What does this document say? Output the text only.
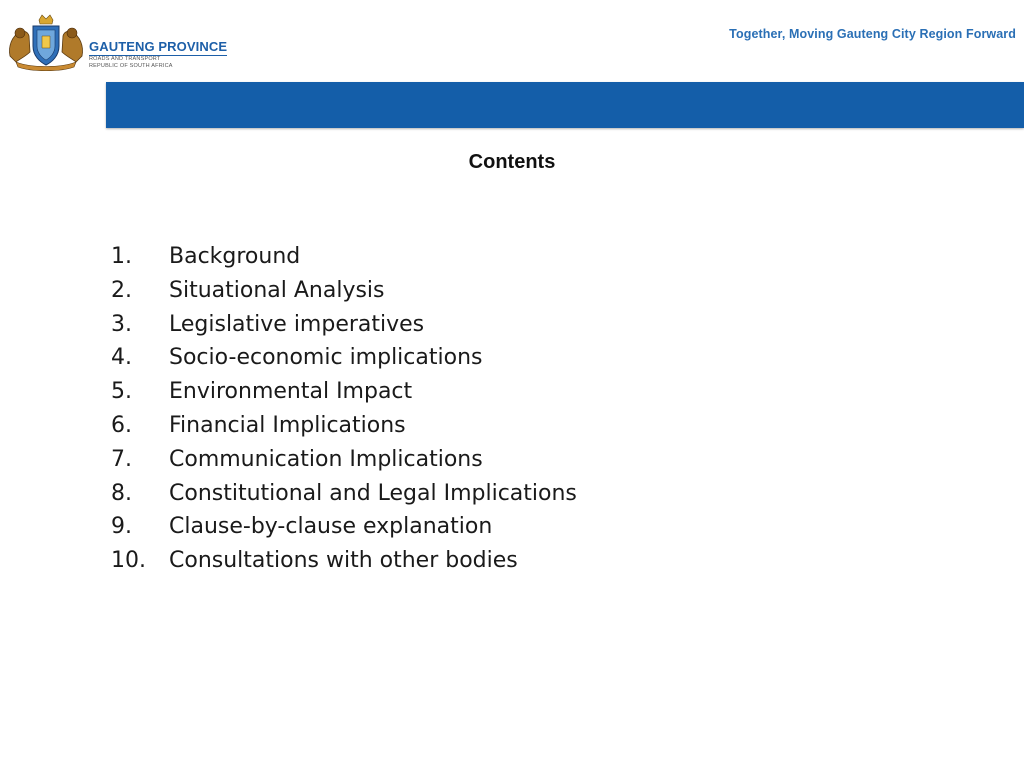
GAUTENG PROVINCE
ROADS AND TRANSPORT
REPUBLIC OF SOUTH AFRICA
Together, Moving Gauteng City Region Forward
Contents
1. Background
2. Situational Analysis
3. Legislative imperatives
4. Socio-economic implications
5. Environmental Impact
6. Financial Implications
7. Communication Implications
8. Constitutional and Legal Implications
9. Clause-by-clause explanation
10. Consultations with other bodies
